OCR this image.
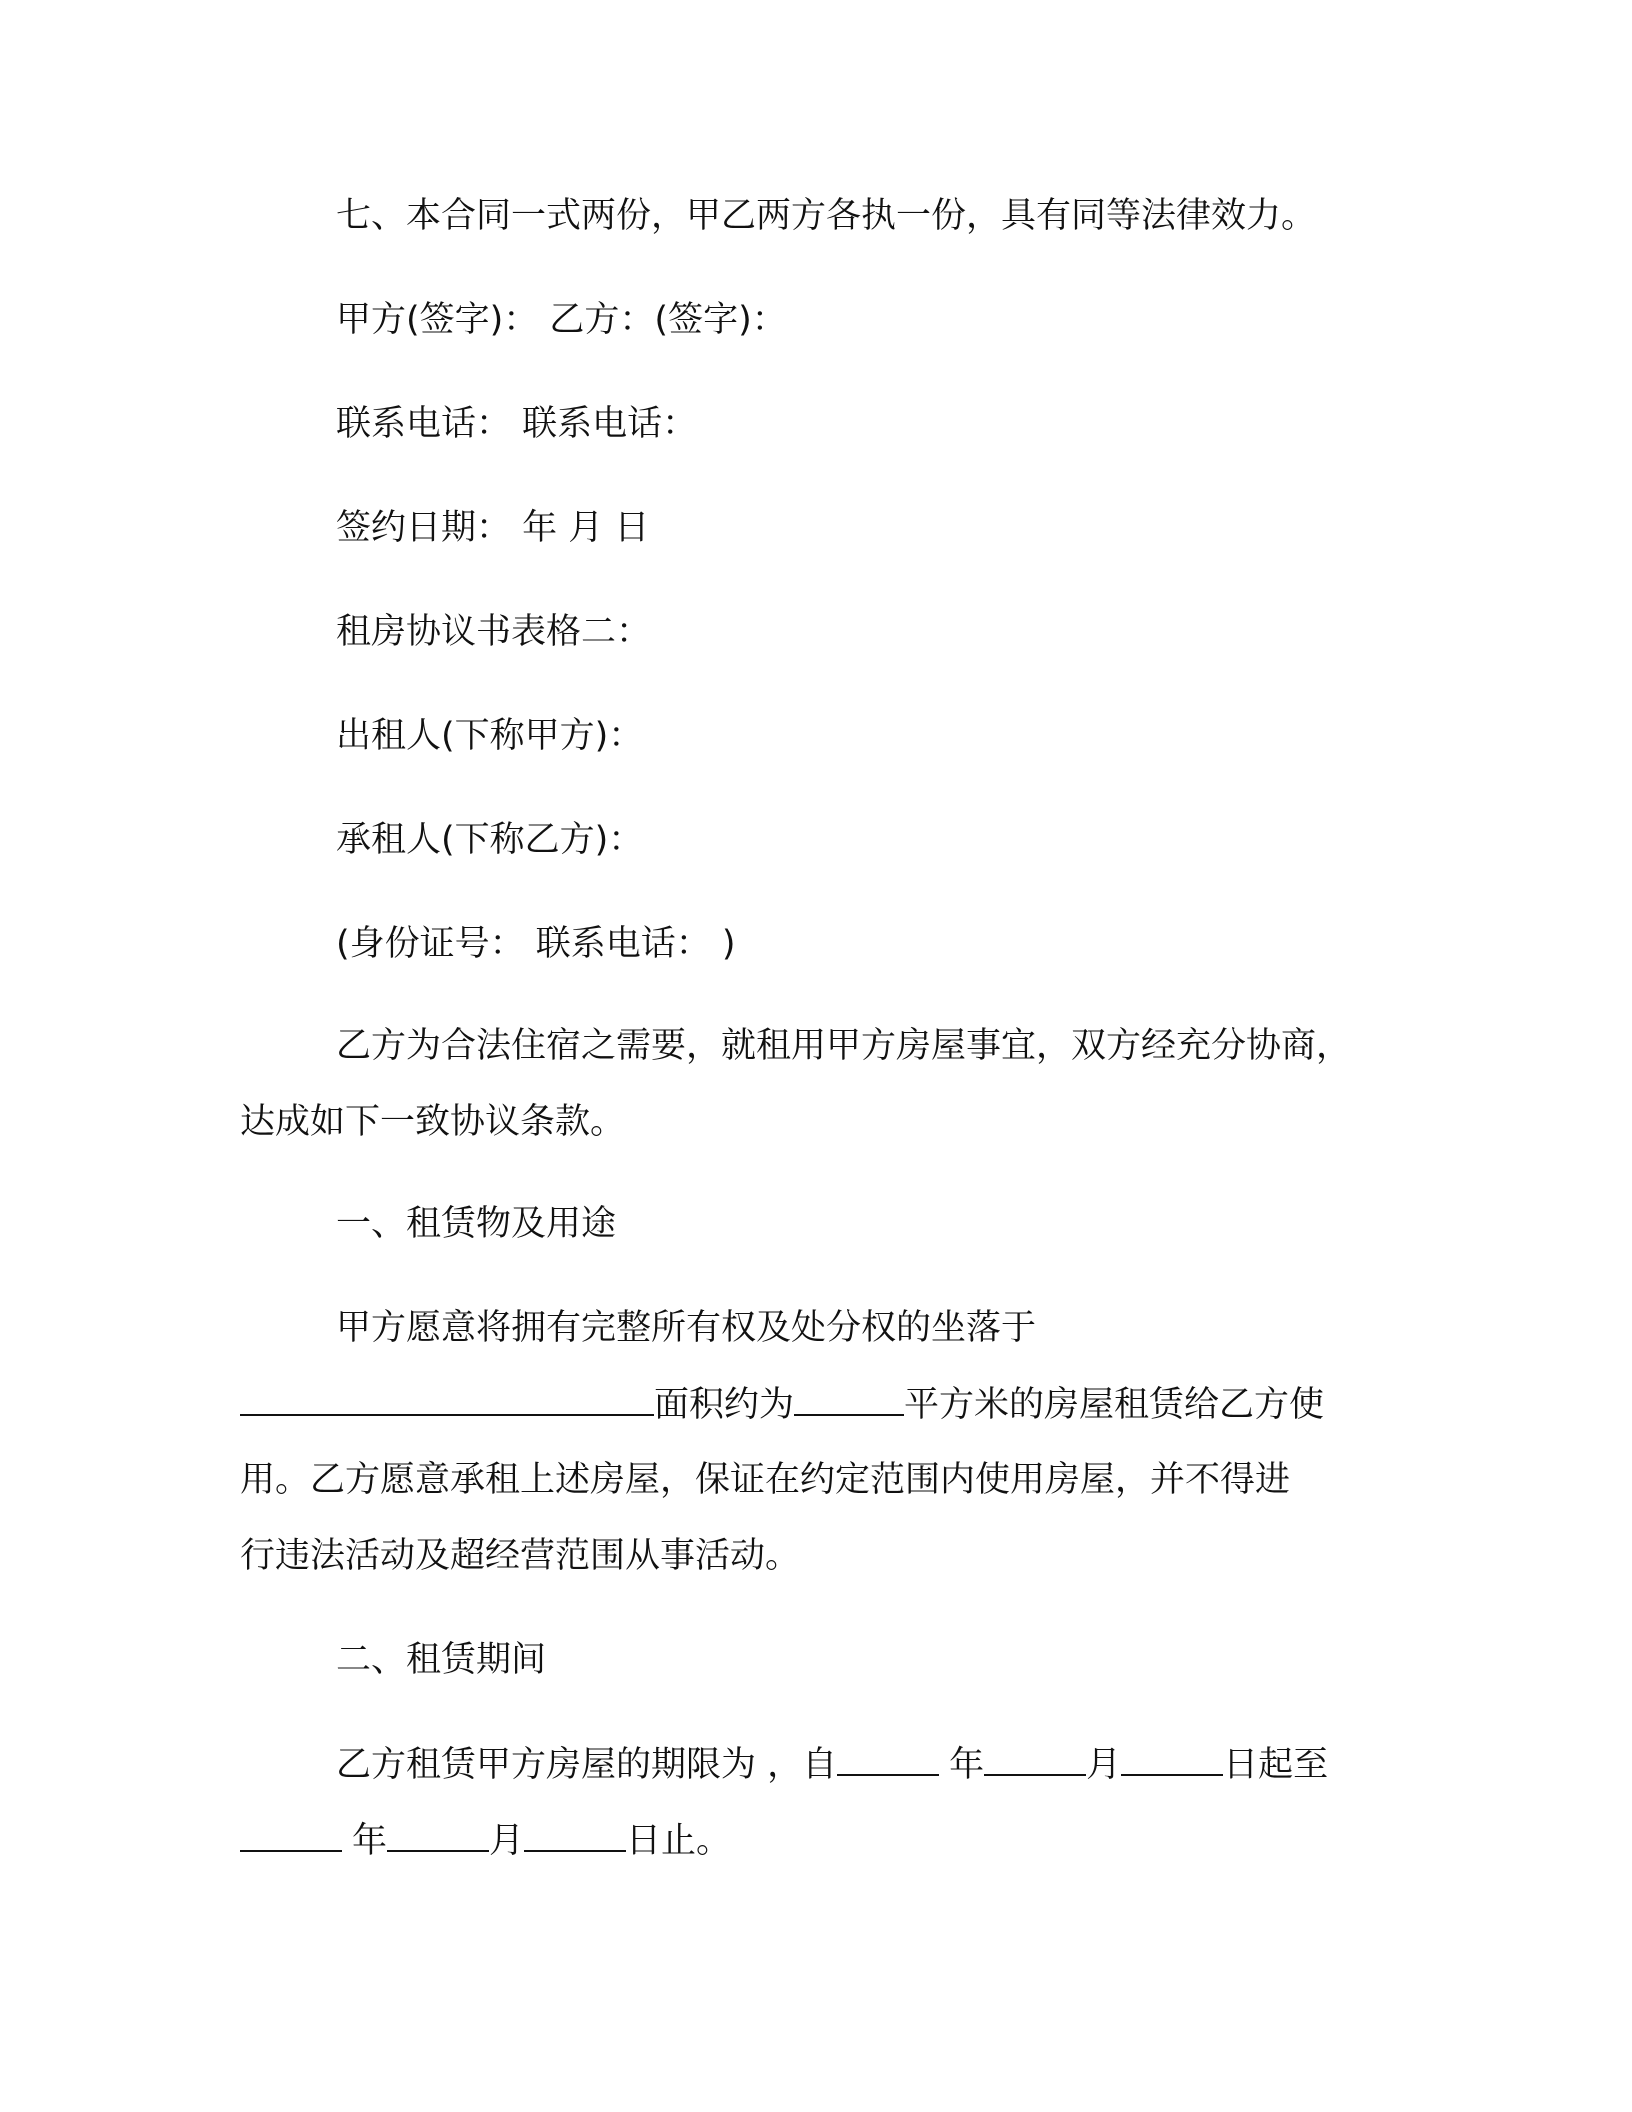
七、本合同一式两份，甲乙两方各执一份，具有同等法律效力。
甲方(签字)： 乙方：(签字)：
联系电话： 联系电话：
签约日期： 年 月 日
租房协议书表格二：
出租人(下称甲方)：
承租人(下称乙方)：
(身份证号： 联系电话： )
乙方为合法住宿之需要，就租用甲方房屋事宜，双方经充分协商，
达成如下一致协议条款。
一、租赁物及用途
甲方愿意将拥有完整所有权及处分权的坐落于
面积约为	平方米的房屋租赁给乙方使
用。乙方愿意承租上述房屋，保证在约定范围内使用房屋，并不得进
行违法活动及超经营范围从事活动。
二、租赁期间
乙方租赁甲方房屋的期限为 ，自	年	月	日起至
年	月	日止。
